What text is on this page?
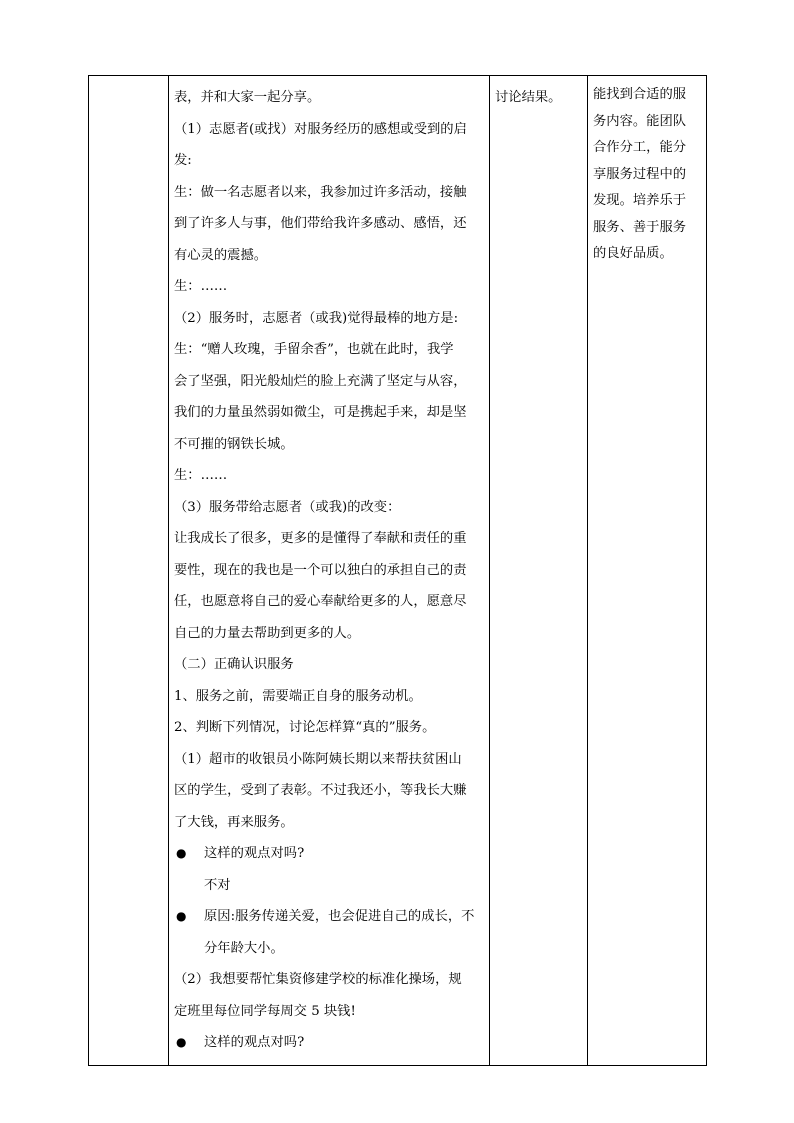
表，并和大家一起分享。
（1）志愿者(或找）对服务经历的感想或受到的启
发:
生：做一名志愿者以来，我参加过许多活动，接触
到了许多人与事，他们带给我许多感动、感悟，还
有心灵的震撼。
生：……
（2）服务时，志愿者（或我)觉得最棒的地方是:
生：“赠人玫瑰，手留余香”，也就在此时，我学
会了坚强，阳光般灿烂的脸上充满了坚定与从容，
我们的力量虽然弱如微尘，可是携起手来，却是坚
不可摧的钢铁长城。
生：……
（3）服务带给志愿者（或我)的改变：
让我成长了很多，更多的是懂得了奉献和责任的重
要性，现在的我也是一个可以独白的承担自己的责
任，也愿意将自己的爱心奉献给更多的人，愿意尽
自己的力量去帮助到更多的人。
（二）正确认识服务
1、服务之前，需要端正自身的服务动机。
2、判断下列情况，讨论怎样算“真的”服务。
（1）超市的收银员小陈阿姨长期以来帮扶贫困山
区的学生，受到了表彰。不过我还小，等我长大赚
了大钱，再来服务。
● 这样的观点对吗?
不对
● 原因:服务传递关爱，也会促进自己的成长，不
分年龄大小。
（2）我想要帮忙集资修建学校的标准化操场，规
定班里每位同学每周交 5 块钱!
● 这样的观点对吗?
讨论结果。	能找到合适的服
务内容。能团队
合作分工，能分
享服务过程中的
发现。培养乐于
服务、善于服务
的良好品质。
